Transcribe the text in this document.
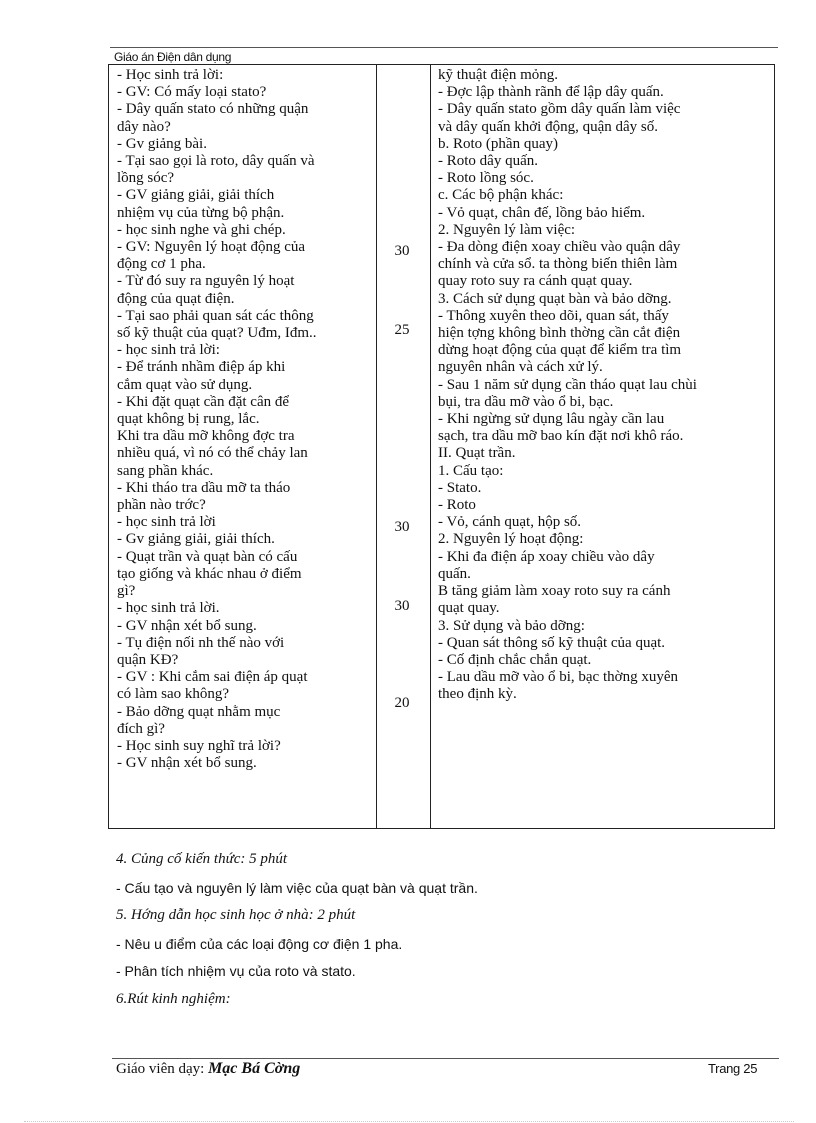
Giáo án Điện dân dụng
- Học sinh trả lời:
- GV: Có mấy loại stato?
- Dây quấn stato có những quận
dây nào?
- Gv giảng bài.
- Tại sao gọi là roto, dây quấn và
lồng sóc?
- GV giảng giải, giải thích
nhiệm vụ của từng bộ phận.
- học sinh nghe và ghi chép.
- GV: Nguyên lý hoạt động của
động cơ 1 pha.
- Từ đó suy ra nguyên lý hoạt
động của quạt điện.
- Tại sao phải quan sát các thông
số kỹ thuật của quạt? Uđm, Iđm..
- học sinh trả lời:
- Để tránh nhầm điệp áp khi
cắm quạt vào sử dụng.
- Khi đặt quạt cần đặt cân để
quạt không bị rung, lắc.
Khi tra dầu mỡ không đợc tra
nhiều quá, vì nó có thể chảy lan
sang phần khác.
- Khi tháo tra dầu mỡ ta tháo
phần nào trớc?
- học sinh trả lời
- Gv giảng giải, giải thích.
- Quạt trần và quạt bàn có cấu
tạo giống và khác nhau ở điểm
gì?
- học sinh trả lời.
- GV nhận xét bổ sung.
- Tụ điện nối nh thế nào với
quận KĐ?
- GV : Khi cắm sai điện áp quạt
có làm sao không?
- Bảo dỡng quạt nhằm mục
đích gì?
- Học sinh suy nghĩ trả lời?
- GV nhận xét bổ sung.
30
25
30
30
20
kỹ thuật điện mỏng.
- Đợc lập thành rãnh để lập dây quấn.
- Dây quấn stato gồm dây quấn làm việc
và dây quấn khởi động, quận dây số.
b. Roto (phần quay)
- Roto dây quấn.
- Roto lồng sóc.
c. Các bộ phận khác:
- Vỏ quạt, chân đế, lồng bảo hiểm.
2. Nguyên lý làm việc:
- Đa dòng điện xoay chiều vào quận dây
chính và cửa sổ. ta thòng biến thiên làm
quay roto suy ra cánh quạt quay.
3. Cách sử dụng quạt bàn và bảo dỡng.
- Thông xuyên theo dõi, quan sát, thấy
hiện tợng không bình thờng cần cắt điện
dừng hoạt động của quạt để kiểm tra tìm
nguyên nhân và cách xử lý.
- Sau 1 năm sử dụng cần tháo quạt lau chùi
bụi, tra dầu mỡ vào ổ bi, bạc.
- Khi ngừng sử dụng lâu ngày cần lau
sạch, tra dầu mỡ bao kín đặt nơi khô ráo.
II. Quạt trần.
1. Cấu tạo:
- Stato.
- Roto
- Vỏ, cánh quạt, hộp số.
2. Nguyên lý hoạt động:
- Khi đa điện áp xoay chiều vào dây
quấn.
B tăng giảm làm xoay roto suy ra cánh
quạt quay.
3. Sử dụng và bảo dỡng:
- Quan sát thông số kỹ thuật của quạt.
- Cố định chắc chắn quạt.
- Lau dầu mỡ vào ổ bi, bạc thờng xuyên
theo định kỳ.
4. Củng cố kiến thức: 5 phút
- Cấu tạo và nguyên lý làm việc của quạt bàn và quạt trần.
5. Hớng dẫn học sinh học ở nhà: 2 phút
- Nêu u điểm của các loại động cơ điện 1 pha.
- Phân tích nhiệm vụ của roto và stato.
6.Rút kinh nghiệm:
Giáo viên dạy: Mạc Bá Cờng	Trang 25
